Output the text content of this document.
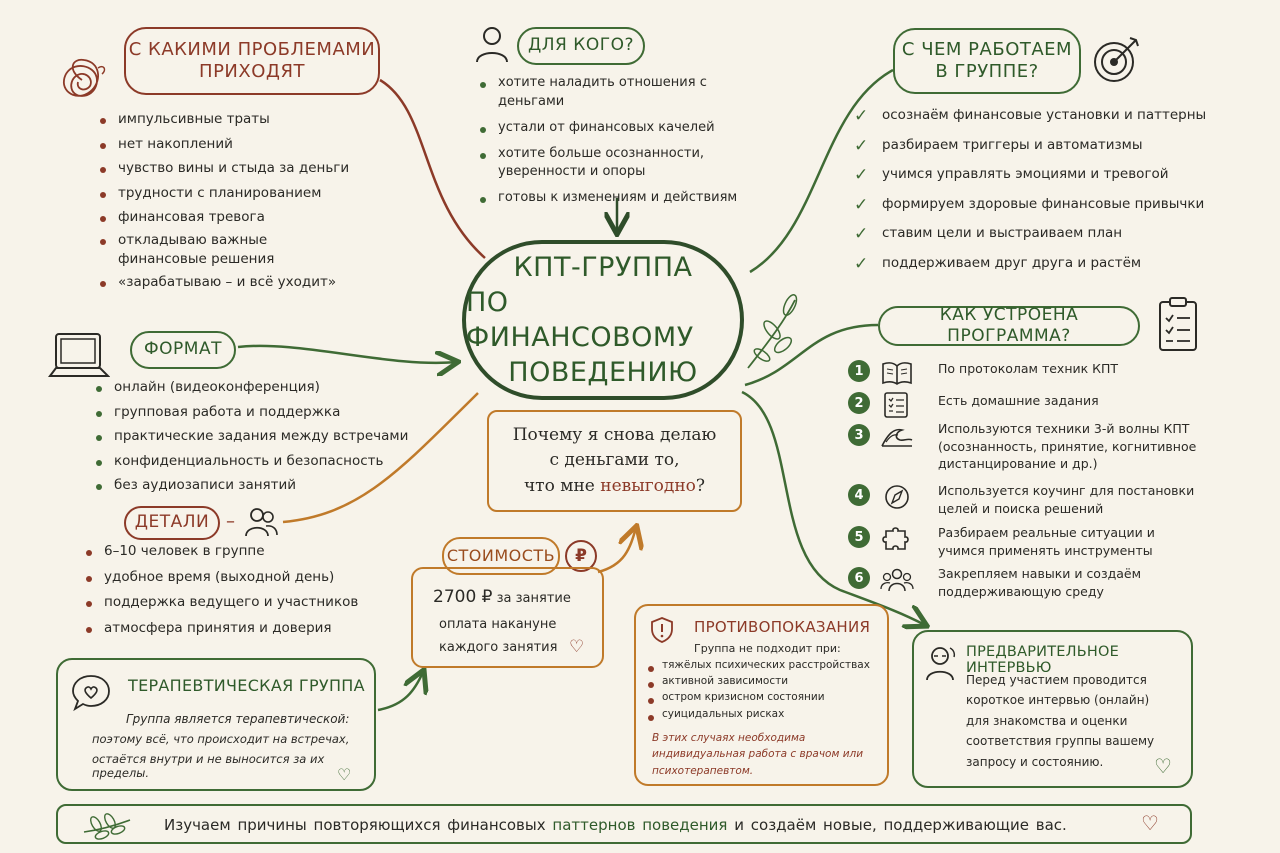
КПТ-ГРУППА
ПО ФИНАНСОВОМУ
ПОВЕДЕНИЮ
Почему я снова делаю
с деньгами то,
что мне невыгодно?
С КАКИМИ ПРОБЛЕМАМИ
ПРИХОДЯТ
импульсивные траты
нет накоплений
чувство вины и стыда за деньги
трудности с планированием
финансовая тревога
откладываю важные финансовые решения
«зарабатываю – и всё уходит»
ДЛЯ КОГО?
хотите наладить отношения с деньгами
устали от финансовых качелей
хотите больше осознанности, уверенности и опоры
готовы к изменениям и действиям
С ЧЕМ РАБОТАЕМ
В ГРУППЕ?
✓ осознаём финансовые установки и паттерны
✓ разбираем триггеры и автоматизмы
✓ учимся управлять эмоциями и тревогой
✓ формируем здоровые финансовые привычки
✓ ставим цели и выстраиваем план
✓ поддерживаем друг друга и растём
ФОРМАТ
онлайн (видеоконференция)
групповая работа и поддержка
практические задания между встречами
конфиденциальность и безопасность
без аудиозаписи занятий
ДЕТАЛИ –
6–10 человек в группе
удобное время (выходной день)
поддержка ведущего и участников
атмосфера принятия и доверия
КАК УСТРОЕНА ПРОГРАММА?
1	По протоколам техник КПТ
2	Есть домашние задания
3	Используются техники 3-й волны КПТ (осознанность, принятие, когнитивное дистанцирование и др.)
4	Используется коучинг для постановки целей и поиска решений
5	Разбираем реальные ситуации и учимся применять инструменты
6	Закрепляем навыки и создаём поддерживающую среду
СТОИМОСТЬ	₽
2700 ₽ за занятие
оплата накануне
каждого занятия ♡
ПРОТИВОПОКАЗАНИЯ
Группа не подходит при:
тяжёлых психических расстройствах
активной зависимости
остром кризисном состоянии
суицидальных рисках
В этих случаях необходима индивидуальная работа с врачом или психотерапевтом.
ТЕРАПЕВТИЧЕСКАЯ ГРУППА
Группа является терапевтической:
поэтому всё, что происходит на встречах,
остаётся внутри и не выносится за их пределы.	♡
ПРЕДВАРИТЕЛЬНОЕ ИНТЕРВЬЮ
Перед участием проводится короткое интервью (онлайн) для знакомства и оценки соответствия группы вашему запросу и состоянию.	♡
Изучаем причины повторяющихся финансовых паттернов поведения и создаём новые, поддерживающие вас.	♡
